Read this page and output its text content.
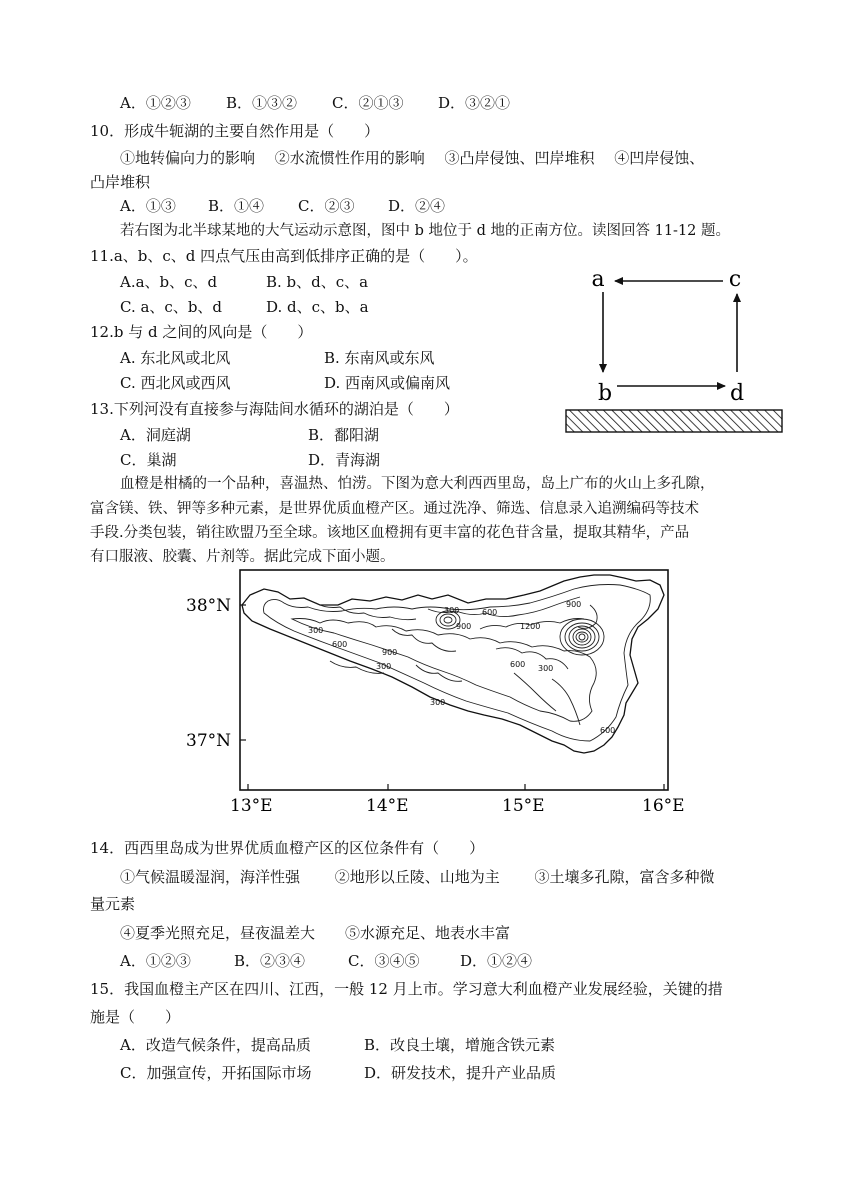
A．①②③ B．①③② C．②①③ D．③②①
10．形成牛轭湖的主要自然作用是（　　）
①地转偏向力的影响　 ②水流惯性作用的影响　 ③凸岸侵蚀、凹岸堆积　 ④凹岸侵蚀、
凸岸堆积
A．①③ B．①④ C．②③ D．②④
若右图为北半球某地的大气运动示意图，图中 b 地位于 d 地的正南方位。读图回答 11-12 题。
11.a、b、c、d 四点气压由高到低排序正确的是（　　）。
A.a、b、c、d	B. b、d、c、a
C. a、c、b、d	D. d、c、b、a
12.b 与 d 之间的风向是（　　）
A. 东北风或北风	B. 东南风或东风
C. 西北风或西风	D. 西南风或偏南风
13.下列河没有直接参与海陆间水循环的湖泊是（　　）
A．洞庭湖	B．鄱阳湖
C．巢湖	D．青海湖
a	c
b	d
血橙是柑橘的一个品种，喜温热、怕涝。下图为意大利西西里岛，岛上广布的火山上多孔隙，
富含镁、铁、钾等多种元素，是世界优质血橙产区。通过洗净、筛选、信息录入追溯编码等技术
手段.分类包装，销往欧盟乃至全球。该地区血橙拥有更丰富的花色苷含量，提取其精华，产品
有口服液、胶囊、片剂等。据此完成下面小题。
38°N
37°N
13°E	14°E	15°E	16°E
300
600
900
1200
300	600
900
300	600
900
300
300
600
14．西西里岛成为世界优质血橙产区的区位条件有（　　）
①气候温暖湿润，海洋性强　　 ②地形以丘陵、山地为主　　 ③土壤多孔隙，富含多种微
量元素
④夏季光照充足，昼夜温差大　　⑤水源充足、地表水丰富
A．①②③	B．②③④	C．③④⑤	D．①②④
15．我国血橙主产区在四川、江西，一般 12 月上市。学习意大利血橙产业发展经验，关键的措
施是（　　）
A．改造气候条件，提高品质	B．改良土壤，增施含铁元素
C．加强宣传，开拓国际市场	D．研发技术，提升产业品质
